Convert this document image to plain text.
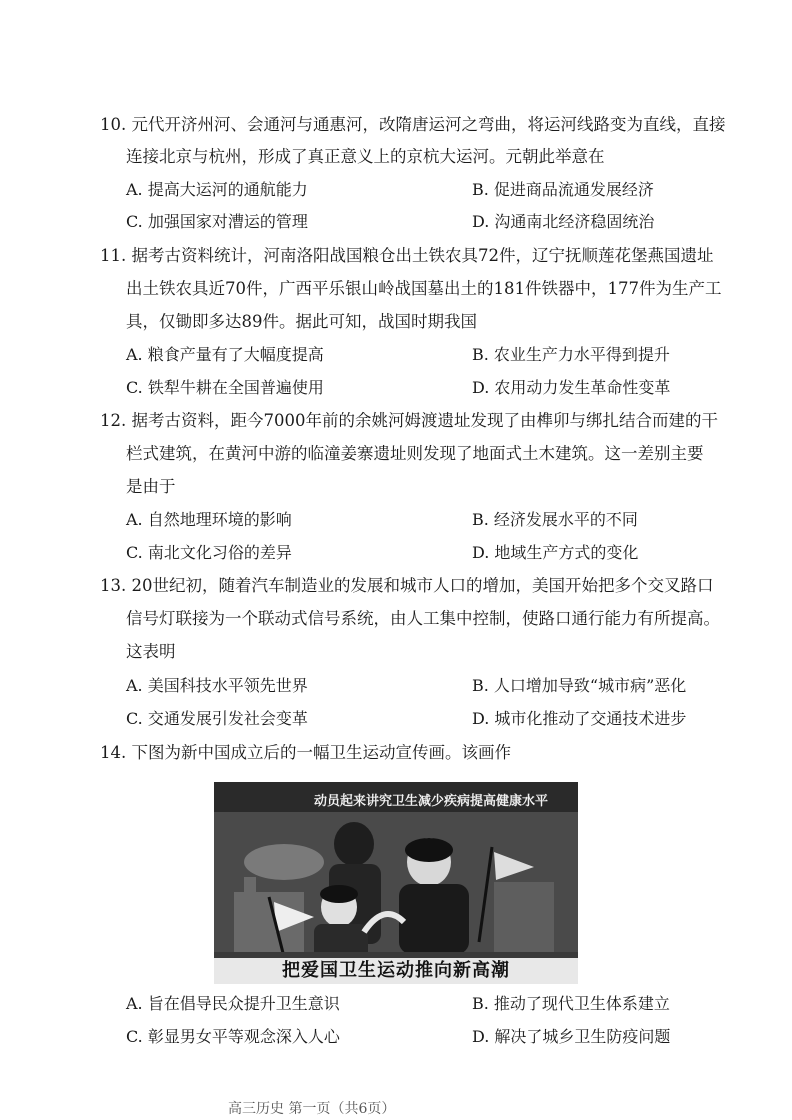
10. 元代开济州河、会通河与通惠河，改隋唐运河之弯曲，将运河线路变为直线，直接
连接北京与杭州，形成了真正意义上的京杭大运河。元朝此举意在
A. 提高大运河的通航能力	B. 促进商品流通发展经济
C. 加强国家对漕运的管理	D. 沟通南北经济稳固统治
11. 据考古资料统计，河南洛阳战国粮仓出土铁农具72件，辽宁抚顺莲花堡燕国遗址
出土铁农具近70件，广西平乐银山岭战国墓出土的181件铁器中，177件为生产工
具，仅锄即多达89件。据此可知，战国时期我国
A. 粮食产量有了大幅度提高	B. 农业生产力水平得到提升
C. 铁犁牛耕在全国普遍使用	D. 农用动力发生革命性变革
12. 据考古资料，距今7000年前的余姚河姆渡遗址发现了由榫卯与绑扎结合而建的干
栏式建筑，在黄河中游的临潼姜寨遗址则发现了地面式土木建筑。这一差别主要
是由于
A. 自然地理环境的影响	B. 经济发展水平的不同
C. 南北文化习俗的差异	D. 地域生产方式的变化
13. 20世纪初，随着汽车制造业的发展和城市人口的增加，美国开始把多个交叉路口
信号灯联接为一个联动式信号系统，由人工集中控制，使路口通行能力有所提高。
这表明
A. 美国科技水平领先世界	B. 人口增加导致“城市病”恶化
C. 交通发展引发社会变革	D. 城市化推动了交通技术进步
14. 下图为新中国成立后的一幅卫生运动宣传画。该画作
动员起来讲究卫生减少疾病提高健康水平
把爱国卫生运动推向新高潮
A. 旨在倡导民众提升卫生意识	B. 推动了现代卫生体系建立
C. 彰显男女平等观念深入人心	D. 解决了城乡卫生防疫问题
高三历史 第一页（共6页）
